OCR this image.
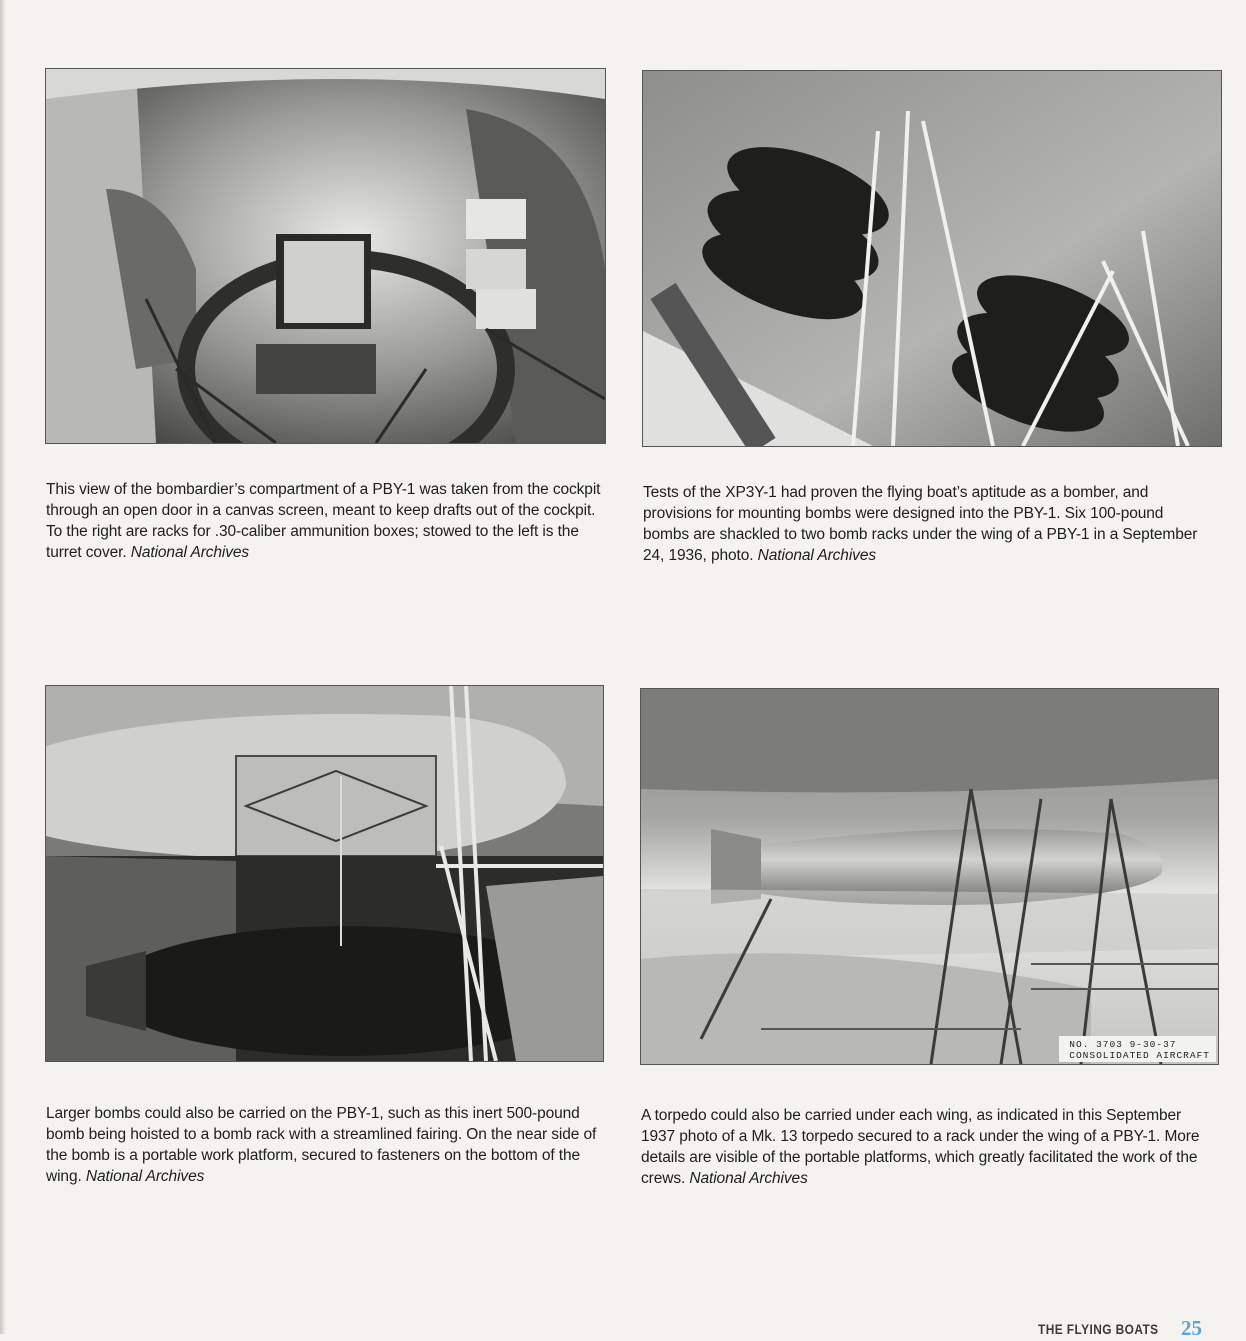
This view of the bombardier’s compartment of a PBY-1 was taken from the cockpit through an open door in a canvas screen, meant to keep drafts out of the cockpit. To the right are racks for .30-caliber ammunition boxes; stowed to the left is the turret cover. National Archives
Tests of the XP3Y-1 had proven the flying boat’s aptitude as a bomber, and provisions for mounting bombs were designed into the PBY-1. Six 100-pound bombs are shackled to two bomb racks under the wing of a PBY-1 in a September 24, 1936, photo. National Archives
NO. 3703 9-30-37
CONSOLIDATED AIRCRAFT
Larger bombs could also be carried on the PBY-1, such as this inert 500-pound bomb being hoisted to a bomb rack with a streamlined fairing. On the near side of the bomb is a portable work platform, secured to fasteners on the bottom of the wing. National Archives
A torpedo could also be carried under each wing, as indicated in this September 1937 photo of a Mk. 13 torpedo secured to a rack under the wing of a PBY-1. More details are visible of the portable platforms, which greatly facilitated the work of the crews. National Archives
THE FLYING BOATS 25
